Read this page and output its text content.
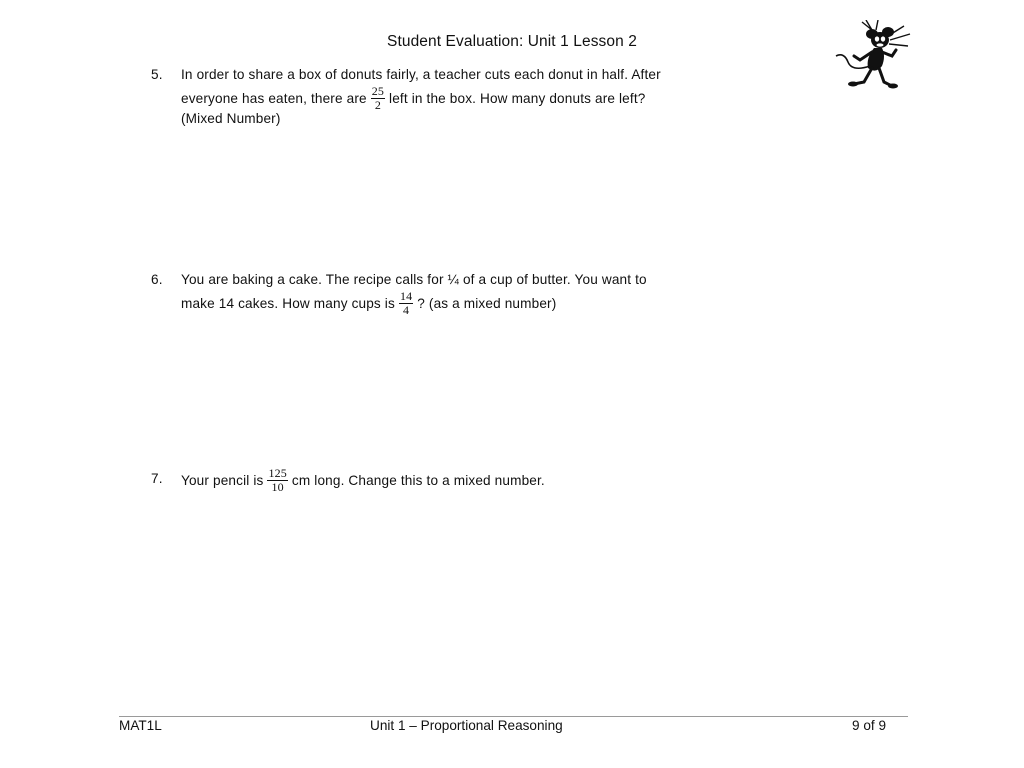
Student Evaluation: Unit 1 Lesson 2
5. In order to share a box of donuts fairly, a teacher cuts each donut in half. After
everyone has eaten, there are $\frac{25}{2}$ left in the box. How many donuts are left?
(Mixed Number)
6. You are baking a cake. The recipe calls for ¼ of a cup of butter. You want to
make 14 cakes. How many cups is $\frac{14}{4}$ ? (as a mixed number)
7. Your pencil is $\frac{125}{10}$ cm long. Change this to a mixed number.
MAT1L	Unit 1 – Proportional Reasoning	9 of 9
